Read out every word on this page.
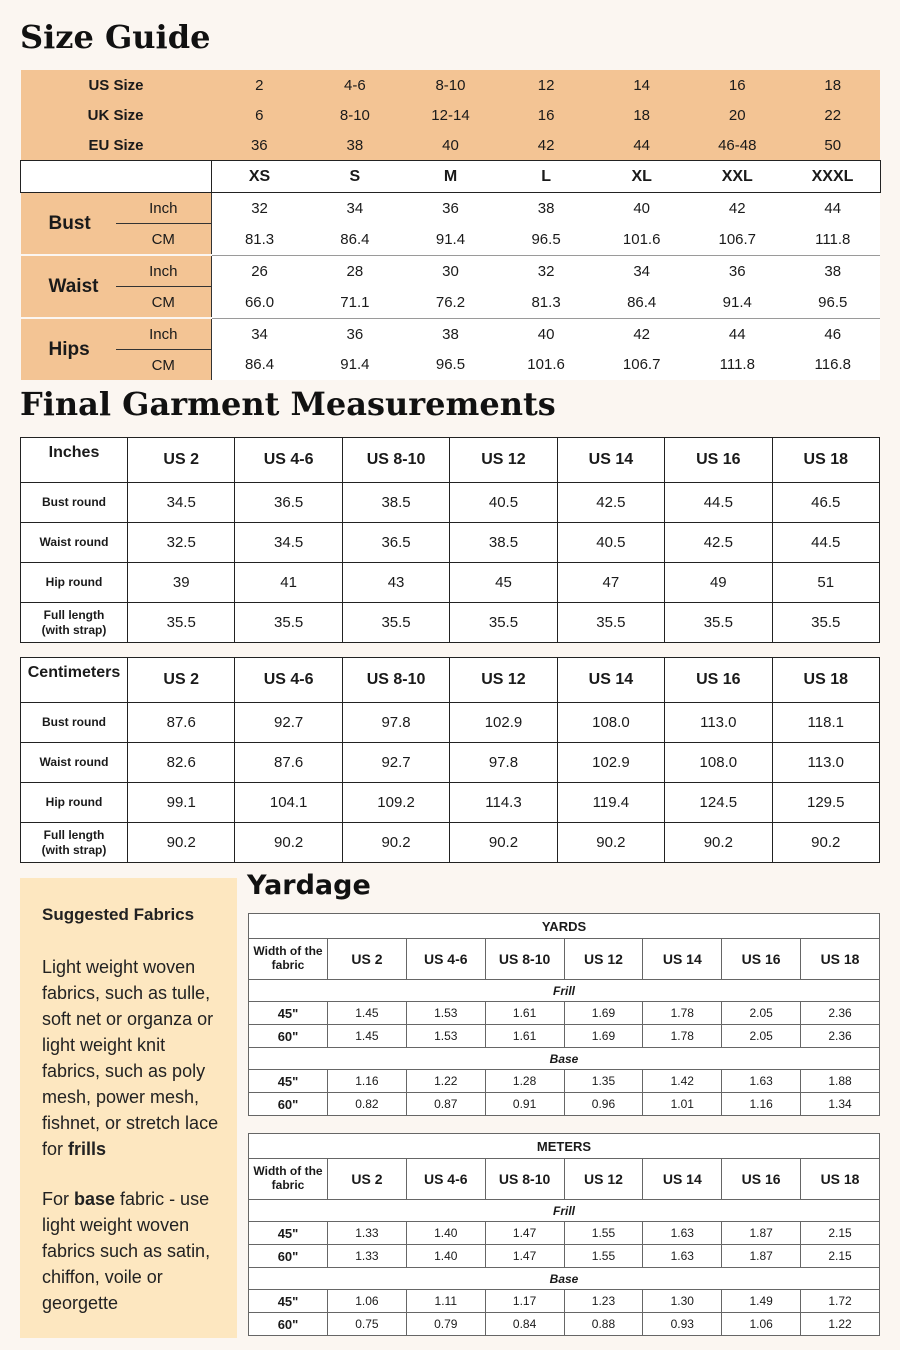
Size Guide
US Size		2	4-6	8-10	12	14	16	18
UK Size		6	8-10	12-14	16	18	20	22
EU Size		36	38	40	42	44	46-48	50
		XS	S	M	L	XL	XXL	XXXL
Bust	Inch	32	34	36	38	40	42	44
	CM	81.3	86.4	91.4	96.5	101.6	106.7	111.8
Waist	Inch	26	28	30	32	34	36	38
	CM	66.0	71.1	76.2	81.3	86.4	91.4	96.5
Hips	Inch	34	36	38	40	42	44	46
	CM	86.4	91.4	96.5	101.6	106.7	111.8	116.8
Final Garment Measurements
Inches	US 2	US 4-6	US 8-10	US 12	US 14	US 16	US 18

Bust round	34.5	36.5	38.5	40.5	42.5	44.5	46.5

Waist round	32.5	34.5	36.5	38.5	40.5	42.5	44.5

Hip round	39	41	43	45	47	49	51

Full length
(with strap)	35.5	35.5	35.5	35.5	35.5	35.5	35.5
Centimeters	US 2	US 4-6	US 8-10	US 12	US 14	US 16	US 18

Bust round	87.6	92.7	97.8	102.9	108.0	113.0	118.1

Waist round	82.6	87.6	92.7	97.8	102.9	108.0	113.0

Hip round	99.1	104.1	109.2	114.3	119.4	124.5	129.5

Full length
(with strap)	90.2	90.2	90.2	90.2	90.2	90.2	90.2
Suggested Fabrics

Light weight woven fabrics, such as tulle, soft net or organza or light weight knit fabrics, such as poly mesh, power mesh, fishnet, or stretch lace for frills

For base fabric - use light weight woven fabrics such as satin, chiffon, voile or georgette

Yardage
YARDS							

Width of the
fabric	US 2	US 4-6	US 8-10	US 12	US 14	US 16	US 18
Frill							
45"	1.45	1.53	1.61	1.69	1.78	2.05	2.36
60"	1.45	1.53	1.61	1.69	1.78	2.05	2.36
Base							
45"	1.16	1.22	1.28	1.35	1.42	1.63	1.88
60"	0.82	0.87	0.91	0.96	1.01	1.16	1.34
METERS							

Width of the
fabric	US 2	US 4-6	US 8-10	US 12	US 14	US 16	US 18
Frill							
45"	1.33	1.40	1.47	1.55	1.63	1.87	2.15
60"	1.33	1.40	1.47	1.55	1.63	1.87	2.15
Base							
45"	1.06	1.11	1.17	1.23	1.30	1.49	1.72
60"	0.75	0.79	0.84	0.88	0.93	1.06	1.22
